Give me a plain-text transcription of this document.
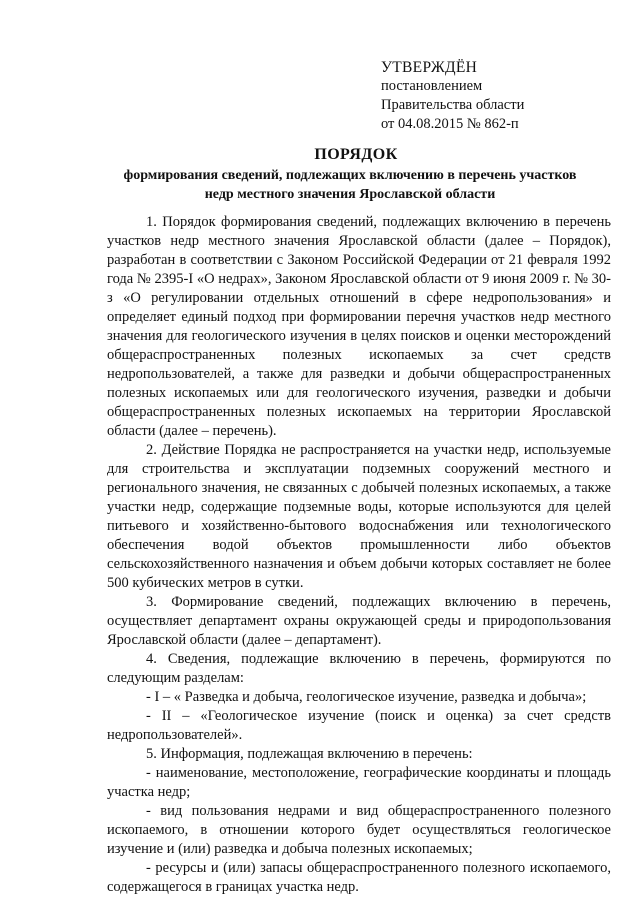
УТВЕРЖДЁН
постановлением
Правительства области
от 04.08.2015 № 862-п
ПОРЯДОК
формирования сведений, подлежащих включению в перечень участков
недр местного значения Ярославской области

1. Порядок формирования сведений, подлежащих включению в перечень участков недр местного значения Ярославской области (далее – Порядок), разработан в соответствии с Законом Российской Федерации от 21 февраля 1992 года № 2395-I «О недрах», Законом Ярославской области от 9 июня 2009 г. № 30-з «О регулировании отдельных отношений в сфере недропользования» и определяет единый подход при формировании перечня участков недр местного значения для геологического изучения в целях поисков и оценки месторождений общераспространенных полезных ископаемых за счет средств недропользователей, а также для разведки и добычи общераспространенных полезных ископаемых или для геологического изучения, разведки и добычи общераспространенных полезных ископаемых на территории Ярославской области (далее – перечень).

2. Действие Порядка не распространяется на участки недр, используемые для строительства и эксплуатации подземных сооружений местного и регионального значения, не связанных с добычей полезных ископаемых, а также участки недр, содержащие подземные воды, которые используются для целей питьевого и хозяйственно-бытового водоснабжения или технологического обеспечения водой объектов промышленности либо объектов сельскохозяйственного назначения и объем добычи которых составляет не более 500 кубических метров в сутки.

3. Формирование сведений, подлежащих включению в перечень, осуществляет департамент охраны окружающей среды и природопользования Ярославской области (далее – департамент).

4. Сведения, подлежащие включению в перечень, формируются по следующим разделам:

- I – « Разведка и добыча, геологическое изучение, разведка и добыча»;

- II – «Геологическое изучение (поиск и оценка) за счет средств недропользователей».

5. Информация, подлежащая включению в перечень:

- наименование, местоположение, географические координаты и площадь участка недр;

- вид пользования недрами и вид общераспространенного полезного ископаемого, в отношении которого будет осуществляться геологическое изучение и (или) разведка и добыча полезных ископаемых;

- ресурсы и (или) запасы общераспространенного полезного ископаемого, содержащегося в границах участка недр.
